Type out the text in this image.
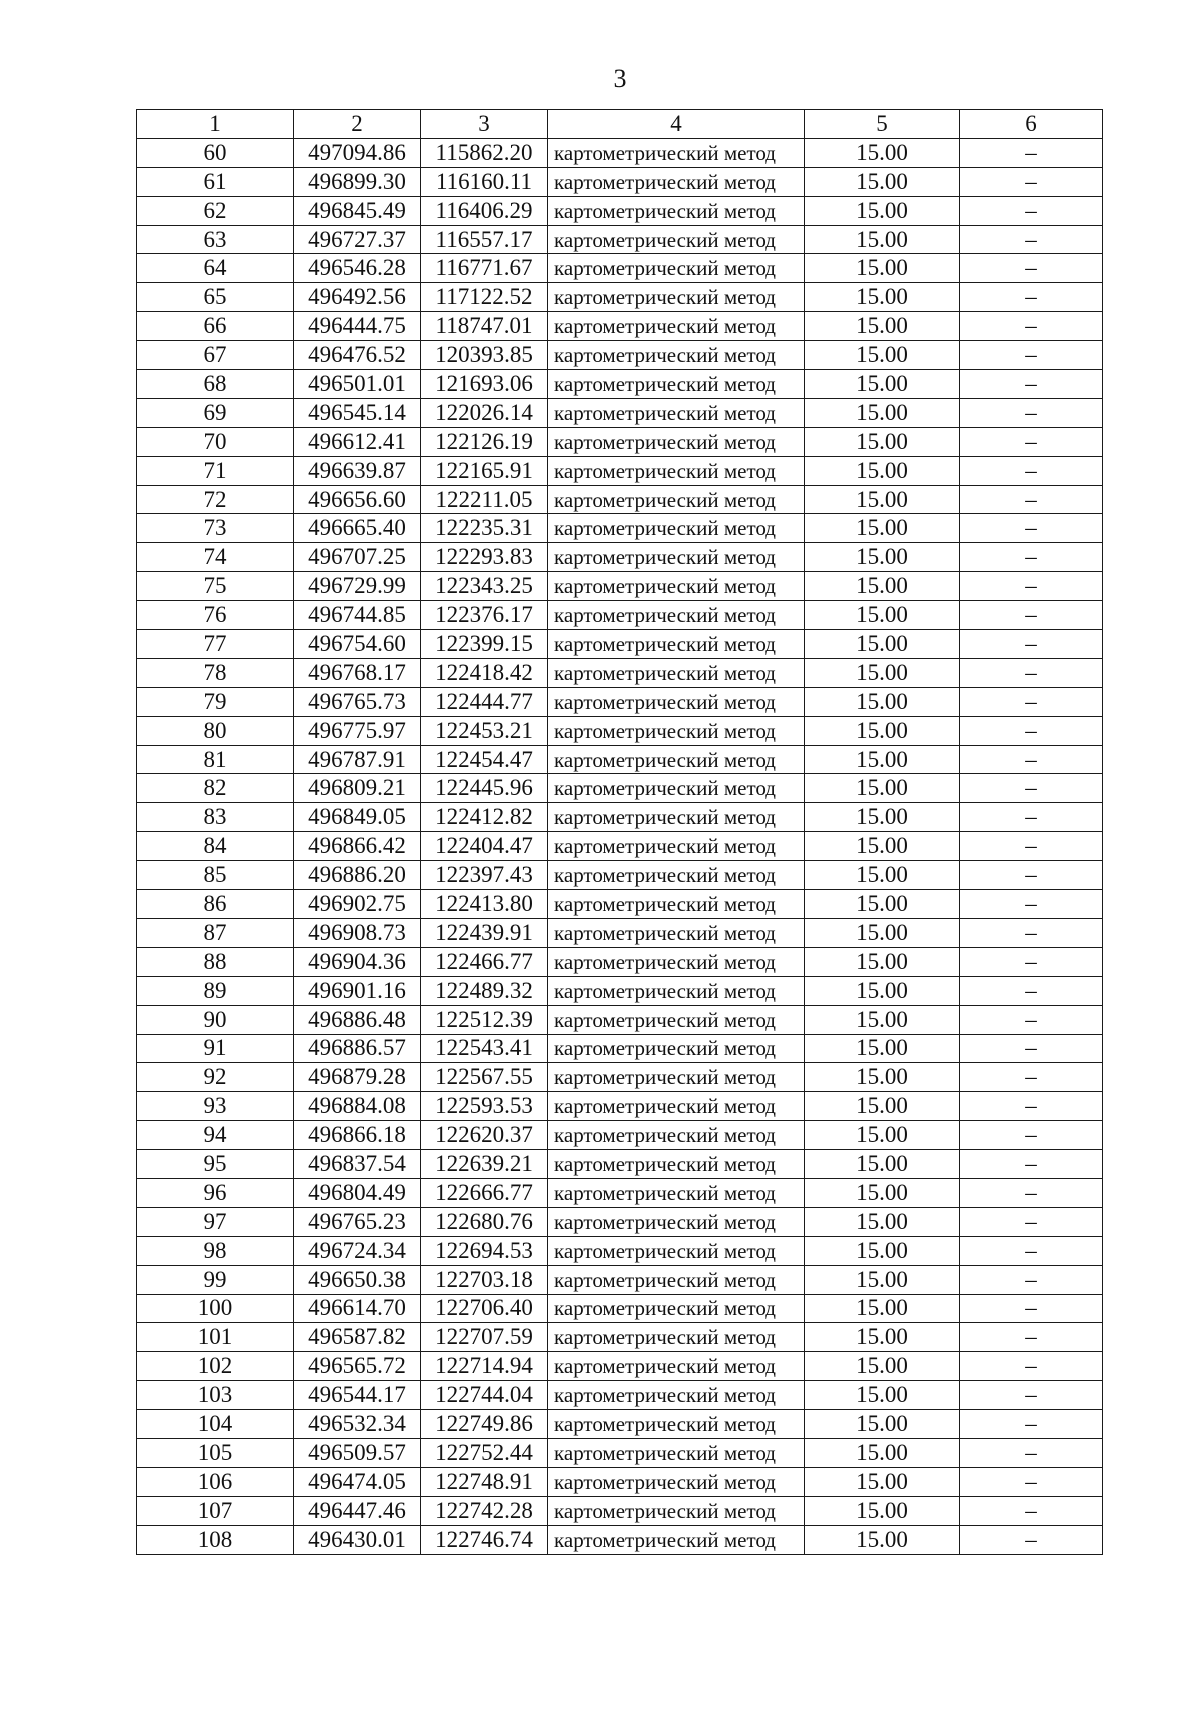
3
1	2	3	4	5	6
60	497094.86	115862.20	картометрический метод	15.00	–
61	496899.30	116160.11	картометрический метод	15.00	–
62	496845.49	116406.29	картометрический метод	15.00	–
63	496727.37	116557.17	картометрический метод	15.00	–
64	496546.28	116771.67	картометрический метод	15.00	–
65	496492.56	117122.52	картометрический метод	15.00	–
66	496444.75	118747.01	картометрический метод	15.00	–
67	496476.52	120393.85	картометрический метод	15.00	–
68	496501.01	121693.06	картометрический метод	15.00	–
69	496545.14	122026.14	картометрический метод	15.00	–
70	496612.41	122126.19	картометрический метод	15.00	–
71	496639.87	122165.91	картометрический метод	15.00	–
72	496656.60	122211.05	картометрический метод	15.00	–
73	496665.40	122235.31	картометрический метод	15.00	–
74	496707.25	122293.83	картометрический метод	15.00	–
75	496729.99	122343.25	картометрический метод	15.00	–
76	496744.85	122376.17	картометрический метод	15.00	–
77	496754.60	122399.15	картометрический метод	15.00	–
78	496768.17	122418.42	картометрический метод	15.00	–
79	496765.73	122444.77	картометрический метод	15.00	–
80	496775.97	122453.21	картометрический метод	15.00	–
81	496787.91	122454.47	картометрический метод	15.00	–
82	496809.21	122445.96	картометрический метод	15.00	–
83	496849.05	122412.82	картометрический метод	15.00	–
84	496866.42	122404.47	картометрический метод	15.00	–
85	496886.20	122397.43	картометрический метод	15.00	–
86	496902.75	122413.80	картометрический метод	15.00	–
87	496908.73	122439.91	картометрический метод	15.00	–
88	496904.36	122466.77	картометрический метод	15.00	–
89	496901.16	122489.32	картометрический метод	15.00	–
90	496886.48	122512.39	картометрический метод	15.00	–
91	496886.57	122543.41	картометрический метод	15.00	–
92	496879.28	122567.55	картометрический метод	15.00	–
93	496884.08	122593.53	картометрический метод	15.00	–
94	496866.18	122620.37	картометрический метод	15.00	–
95	496837.54	122639.21	картометрический метод	15.00	–
96	496804.49	122666.77	картометрический метод	15.00	–
97	496765.23	122680.76	картометрический метод	15.00	–
98	496724.34	122694.53	картометрический метод	15.00	–
99	496650.38	122703.18	картометрический метод	15.00	–
100	496614.70	122706.40	картометрический метод	15.00	–
101	496587.82	122707.59	картометрический метод	15.00	–
102	496565.72	122714.94	картометрический метод	15.00	–
103	496544.17	122744.04	картометрический метод	15.00	–
104	496532.34	122749.86	картометрический метод	15.00	–
105	496509.57	122752.44	картометрический метод	15.00	–
106	496474.05	122748.91	картометрический метод	15.00	–
107	496447.46	122742.28	картометрический метод	15.00	–
108	496430.01	122746.74	картометрический метод	15.00	–
